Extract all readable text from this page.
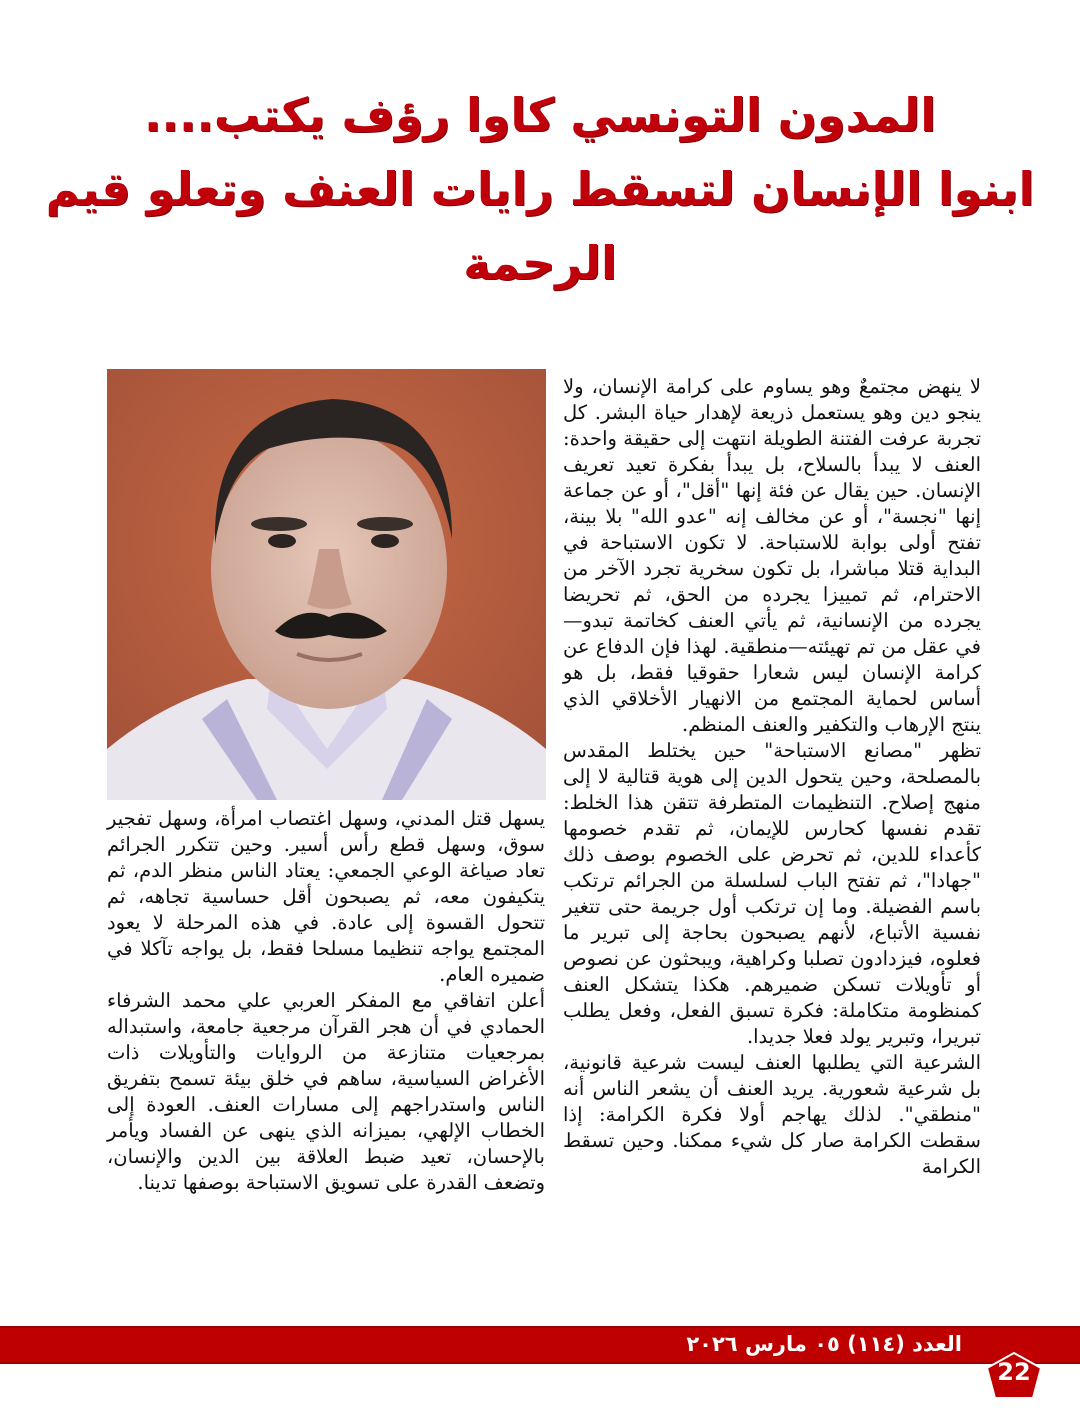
المدون التونسي كاوا رؤف يكتب....
ابنوا الإنسان لتسقط رايات العنف وتعلو قيم
الرحمة

لا ينهض مجتمعٌ وهو يساوم على كرامة الإنسان، ولا ينجو دين وهو يستعمل ذريعة لإهدار حياة البشر. كل تجربة عرفت الفتنة الطويلة انتهت إلى حقيقة واحدة: العنف لا يبدأ بالسلاح، بل يبدأ بفكرة تعيد تعريف الإنسان. حين يقال عن فئة إنها "أقل"، أو عن جماعة إنها "نجسة"، أو عن مخالف إنه "عدو الله" بلا بينة، تفتح أولى بوابة للاستباحة. لا تكون الاستباحة في البداية قتلا مباشرا، بل تكون سخرية تجرد الآخر من الاحترام، ثم تمييزا يجرده من الحق، ثم تحريضا يجرده من الإنسانية، ثم يأتي العنف كخاتمة تبدو—في عقل من تم تهيئته—منطقية. لهذا فإن الدفاع عن كرامة الإنسان ليس شعارا حقوقيا فقط، بل هو أساس لحماية المجتمع من الانهيار الأخلاقي الذي ينتج الإرهاب والتكفير والعنف المنظم.

تظهر "مصانع الاستباحة" حين يختلط المقدس بالمصلحة، وحين يتحول الدين إلى هوية قتالية لا إلى منهج إصلاح. التنظيمات المتطرفة تتقن هذا الخلط: تقدم نفسها كحارس للإيمان، ثم تقدم خصومها كأعداء للدين، ثم تحرض على الخصوم بوصف ذلك "جهادا"، ثم تفتح الباب لسلسلة من الجرائم ترتكب باسم الفضيلة. وما إن ترتكب أول جريمة حتى تتغير نفسية الأتباع، لأنهم يصبحون بحاجة إلى تبرير ما فعلوه، فيزدادون تصلبا وكراهية، ويبحثون عن نصوص أو تأويلات تسكن ضميرهم. هكذا يتشكل العنف كمنظومة متكاملة: فكرة تسبق الفعل، وفعل يطلب تبريرا، وتبرير يولد فعلا جديدا.

الشرعية التي يطلبها العنف ليست شرعية قانونية، بل شرعية شعورية. يريد العنف أن يشعر الناس أنه "منطقي". لذلك يهاجم أولا فكرة الكرامة: إذا سقطت الكرامة صار كل شيء ممكنا. وحين تسقط الكرامة

يسهل قتل المدني، وسهل اغتصاب امرأة، وسهل تفجير سوق، وسهل قطع رأس أسير. وحين تتكرر الجرائم تعاد صياغة الوعي الجمعي: يعتاد الناس منظر الدم، ثم يتكيفون معه، ثم يصبحون أقل حساسية تجاهه، ثم تتحول القسوة إلى عادة. في هذه المرحلة لا يعود المجتمع يواجه تنظيما مسلحا فقط، بل يواجه تآكلا في ضميره العام.

أعلن اتفاقي مع المفكر العربي علي محمد الشرفاء الحمادي في أن هجر القرآن مرجعية جامعة، واستبداله بمرجعيات متنازعة من الروايات والتأويلات ذات الأغراض السياسية، ساهم في خلق بيئة تسمح بتفريق الناس واستدراجهم إلى مسارات العنف. العودة إلى الخطاب الإلهي، بميزانه الذي ينهى عن الفساد ويأمر بالإحسان، تعيد ضبط العلاقة بين الدين والإنسان، وتضعف القدرة على تسويق الاستباحة بوصفها تدينا.

العدد (١١٤) ٠٥ مارس ٢٠٢٦
22
